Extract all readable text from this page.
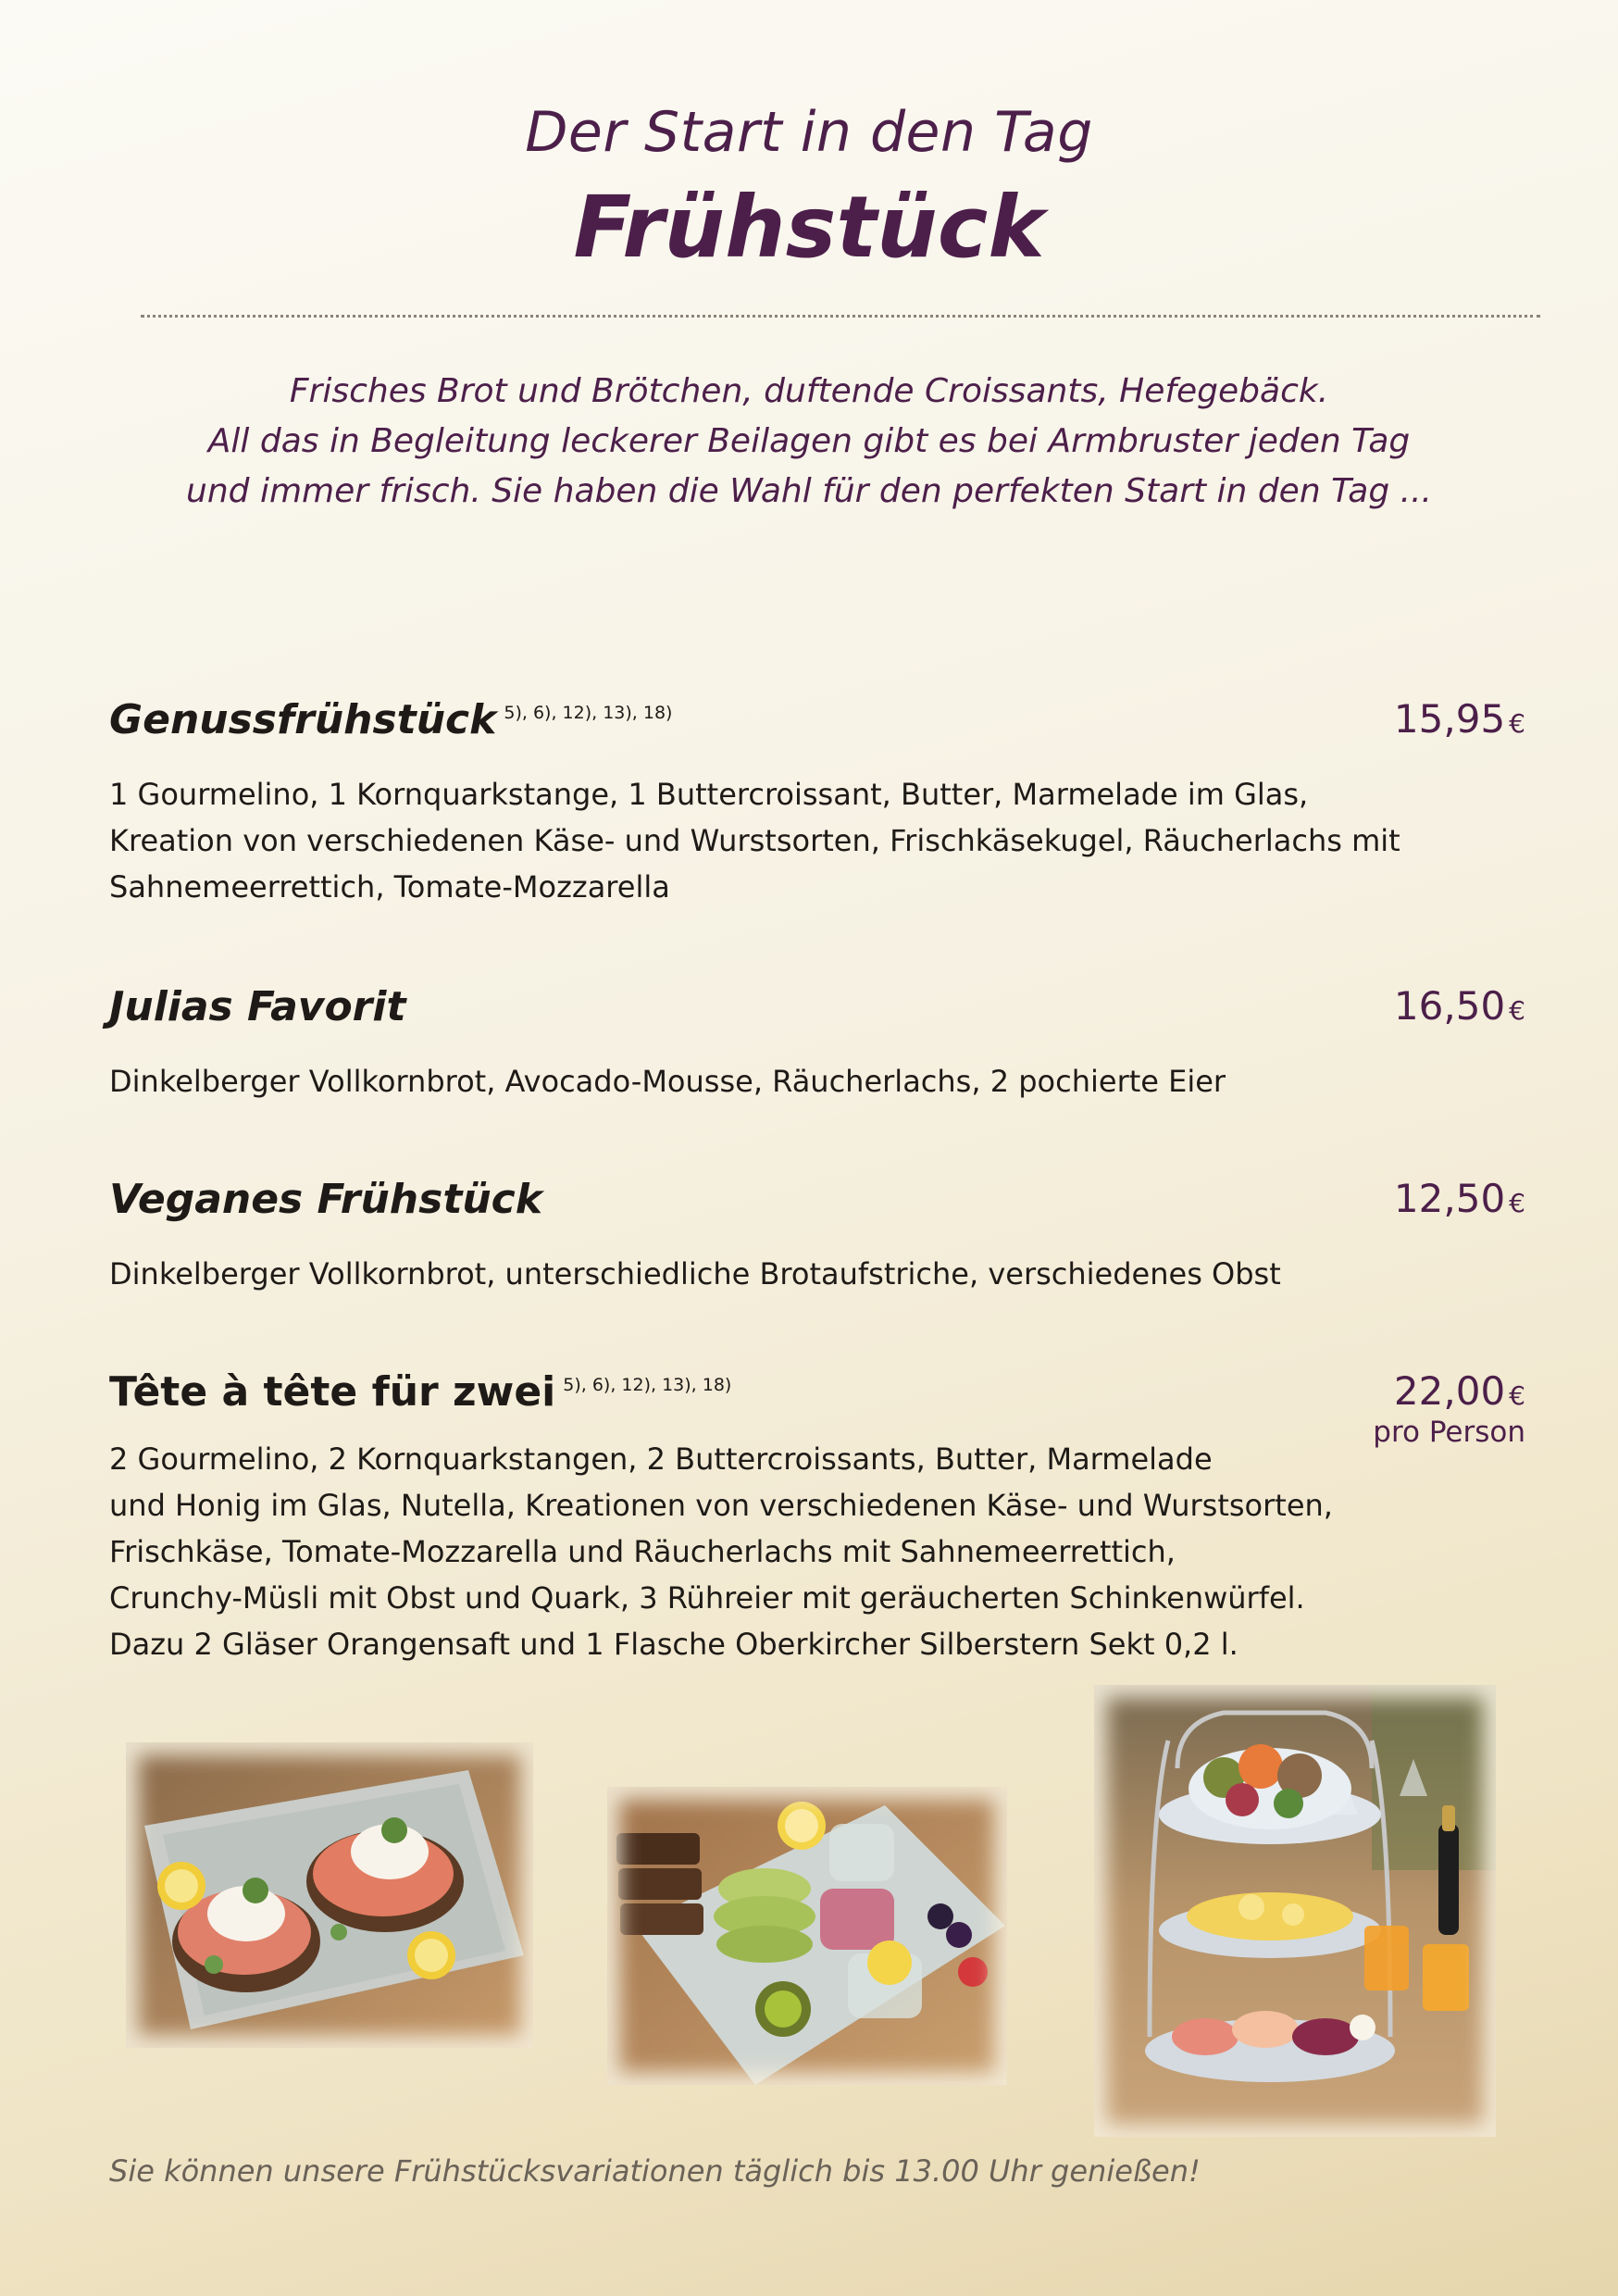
Der Start in den Tag
Frühstück
Frisches Brot und Brötchen, duftende Croissants, Hefegebäck.
All das in Begleitung leckerer Beilagen gibt es bei Armbruster jeden Tag
und immer frisch. Sie haben die Wahl für den perfekten Start in den Tag ...
Genussfrühstück $^{5), 6), 12), 13), 18)}$	15,95 €
1 Gourmelino, 1 Kornquarkstange, 1 Buttercroissant, Butter, Marmelade im Glas,
Kreation von verschiedenen Käse- und Wurstsorten, Frischkäsekugel, Räucherlachs mit
Sahnemeerrettich, Tomate-Mozzarella
Julias Favorit	16,50 €
Dinkelberger Vollkornbrot, Avocado-Mousse, Räucherlachs, 2 pochierte Eier
Veganes Frühstück	12,50 €
Dinkelberger Vollkornbrot, unterschiedliche Brotaufstriche, verschiedenes Obst
Tête à tête für zwei $^{5), 6), 12), 13), 18)}$	22,00 €
pro Person
2 Gourmelino, 2 Kornquarkstangen, 2 Buttercroissants, Butter, Marmelade
und Honig im Glas, Nutella, Kreationen von verschiedenen Käse- und Wurstsorten,
Frischkäse, Tomate-Mozzarella und Räucherlachs mit Sahnemeerrettich,
Crunchy-Müsli mit Obst und Quark, 3 Rühreier mit geräucherten Schinkenwürfel.
Dazu 2 Gläser Orangensaft und 1 Flasche Oberkircher Silberstern Sekt 0,2 l.
Sie können unsere Frühstücksvariationen täglich bis 13.00 Uhr genießen!
